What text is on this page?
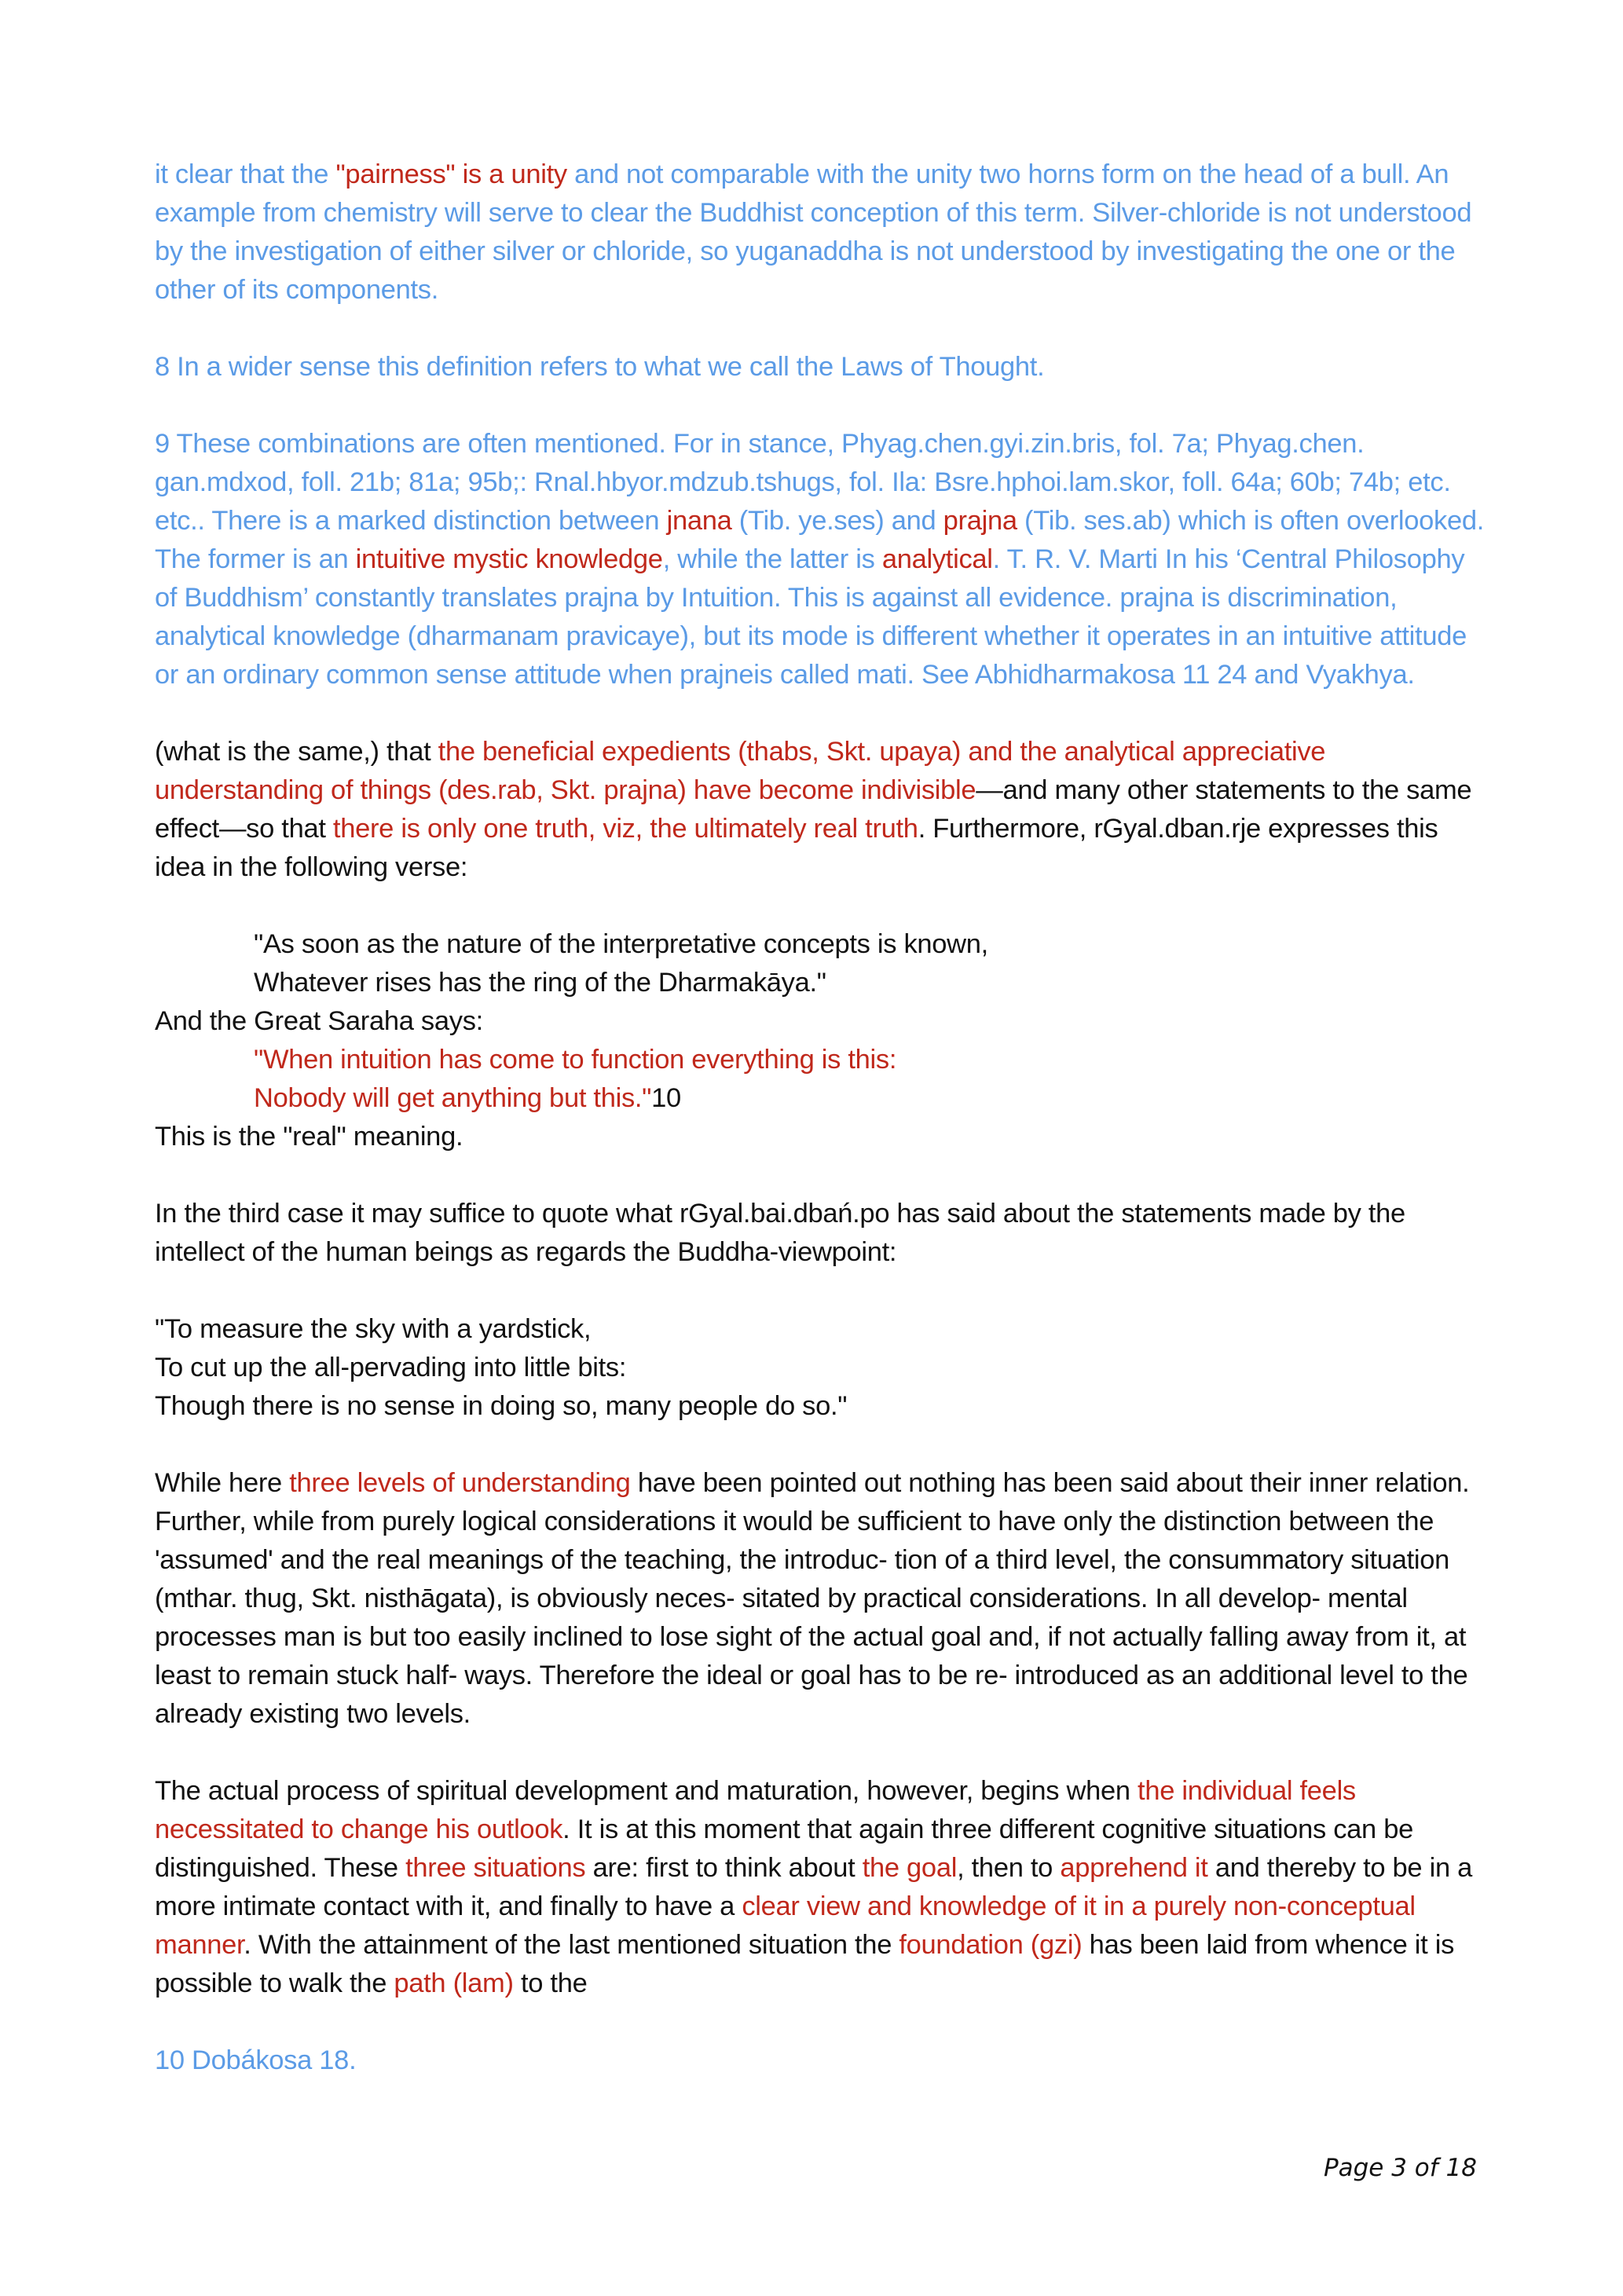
it clear that the "pairness" is a unity and not comparable with the unity two horns form on the head of a bull. An example from chemistry will serve to clear the Buddhist conception of this term. Silver-chloride is not understood by the investigation of either silver or chloride, so yuganaddha is not understood by investigating the one or the other of its components.

8 In a wider sense this definition refers to what we call the Laws of Thought.

9 These combinations are often mentioned. For in stance, Phyag.chen.gyi.zin.bris, fol. 7a; Phyag.chen. gan.mdxod, foll. 21b; 81a; 95b;: Rnal.hbyor.mdzub.tshugs, fol. Ila: Bsre.hphoi.lam.skor, foll. 64a; 60b; 74b; etc. etc.. There is a marked distinction between jnana (Tib. ye.ses) and prajna (Tib. ses.ab) which is often overlooked. The former is an intuitive mystic knowledge, while the latter is analytical. T. R. V. Marti In his ‘Central Philosophy of Buddhism’ constantly translates prajna by Intuition. This is against all evidence. prajna is discrimination, analytical knowledge (dharmanam pravicaye), but its mode is different whether it operates in an intuitive attitude or an ordinary common sense attitude when prajneis called mati. See Abhidharmakosa 11 24 and Vyakhya.

(what is the same,) that the beneficial expedients (thabs, Skt. upaya) and the analytical appreciative understanding of things (des.rab, Skt. prajna) have become indivisible—and many other statements to the same effect—so that there is only one truth, viz, the ultimately real truth. Furthermore, rGyal.dban.rje expresses this idea in the following verse:

"As soon as the nature of the interpretative concepts is known,
Whatever rises has the ring of the Dharmakāya."
And the Great Saraha says:
"When intuition has come to function everything is this:
Nobody will get anything but this."10

This is the "real" meaning.

In the third case it may suffice to quote what rGyal.bai.dbań.po has said about the statements made by the intellect of the human beings as regards the Buddha-viewpoint:

"To measure the sky with a yardstick,
To cut up the all-pervading into little bits:
Though there is no sense in doing so, many people do so."

While here three levels of understanding have been pointed out nothing has been said about their inner relation. Further, while from purely logical considerations it would be sufficient to have only the distinction between the 'assumed' and the real meanings of the teaching, the introduc- tion of a third level, the consummatory situation (mthar. thug, Skt. nisthāgata), is obviously neces- sitated by practical considerations. In all develop- mental processes man is but too easily inclined to lose sight of the actual goal and, if not actually falling away from it, at least to remain stuck half- ways. Therefore the ideal or goal has to be re- introduced as an additional level to the already existing two levels.

The actual process of spiritual development and maturation, however, begins when the individual feels necessitated to change his outlook. It is at this moment that again three different cognitive situations can be distinguished. These three situations are: first to think about the goal, then to apprehend it and thereby to be in a more intimate contact with it, and finally to have a clear view and knowledge of it in a purely non-conceptual manner. With the attainment of the last mentioned situation the foundation (gzi) has been laid from whence it is possible to walk the path (lam) to the

10 Dobákosa 18.

Page 3 of 18
